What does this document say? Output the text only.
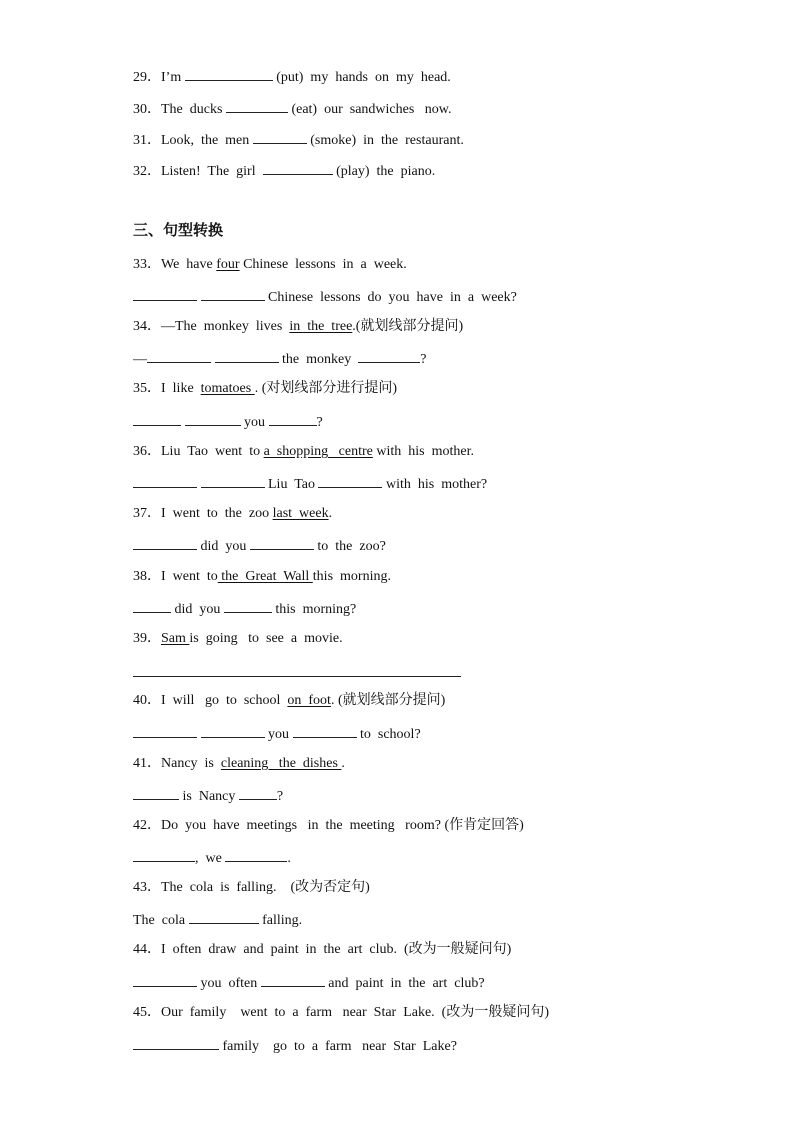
29．I’m	(put)  my  hands  on  my  head.
30．The  ducks	(eat)  our  sandwiches   now.
31．Look,  the  men	(smoke)  in  the  restaurant.
32．Listen!  The  girl	(play)  the  piano.
三、句型转换
33．We  have four Chinese  lessons  in  a  week.
Chinese  lessons  do  you  have  in  a  week?
34．—The  monkey  lives in  the  tree.(就划线部分提问)
—	the  monkey	?
35．I  like tomatoes . (对划线部分进行提问)
you	?
36．Liu  Tao  went  to a  shopping   centre with  his  mother.
Liu  Tao	with  his  mother?
37．I  went  to  the  zoo last  week.
did  you	to  the  zoo?
38．I  went  to the  Great  Wall this  morning.
did  you	this  morning?
39．Sam is  going   to  see  a  movie.
40．I  will   go  to  school on  foot. (就划线部分提问)
you	to  school?
41．Nancy  is cleaning   the  dishes .
is  Nancy	?
42．Do  you  have  meetings   in  the  meeting   room? (作肯定回答)
,  we	.
43．The  cola  is  falling.    (改为否定句)
The  cola	falling.
44．I  often  draw  and  paint  in  the  art  club.  (改为一般疑问句)
you  often	and  paint  in  the  art  club?
45．Our  family    went  to  a  farm   near  Star  Lake.  (改为一般疑问句)
family    go  to  a  farm   near  Star  Lake?
